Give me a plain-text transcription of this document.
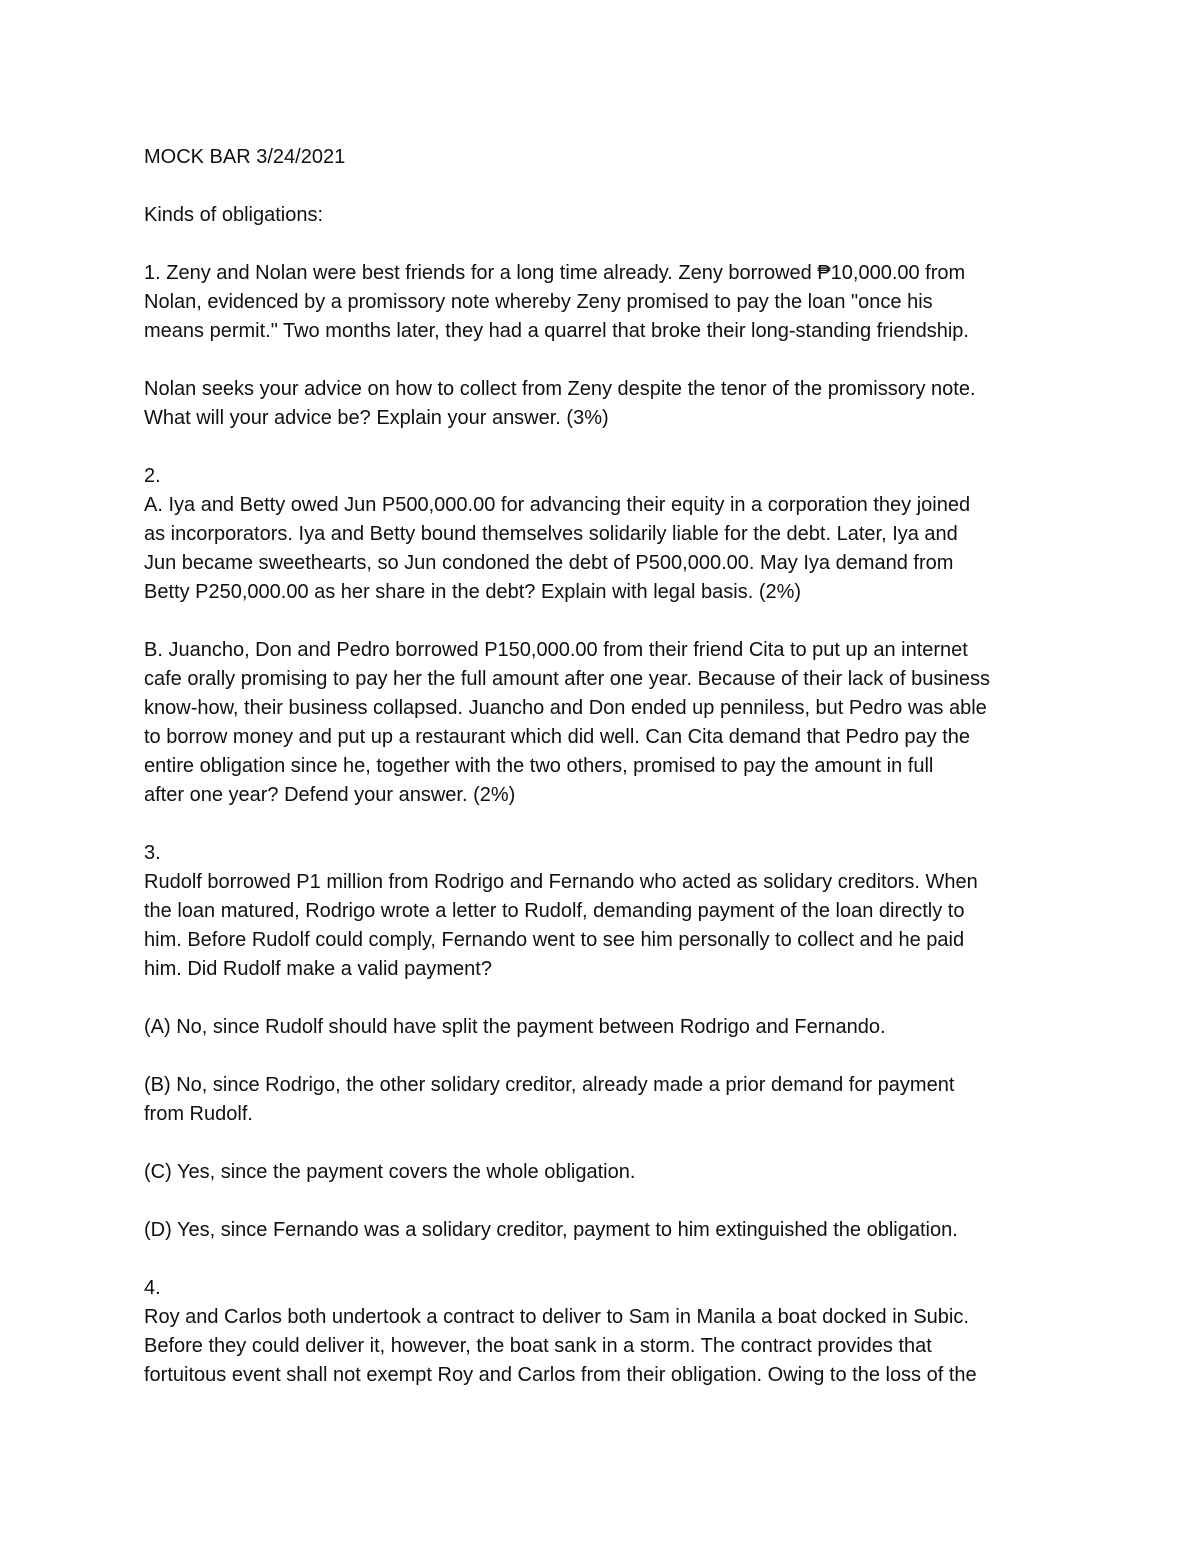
MOCK BAR 3/24/2021

Kinds of obligations:

1. Zeny and Nolan were best friends for a long time already. Zeny borrowed ₱10,000.00 from
Nolan, evidenced by a promissory note whereby Zeny promised to pay the loan "once his
means permit." Two months later, they had a quarrel that broke their long-standing friendship.

Nolan seeks your advice on how to collect from Zeny despite the tenor of the promissory note.
What will your advice be? Explain your answer. (3%)

2.

A. Iya and Betty owed Jun P500,000.00 for advancing their equity in a corporation they joined
as incorporators. Iya and Betty bound themselves solidarily liable for the debt. Later, Iya and
Jun became sweethearts, so Jun condoned the debt of P500,000.00. May Iya demand from
Betty P250,000.00 as her share in the debt? Explain with legal basis. (2%)

B. Juancho, Don and Pedro borrowed P150,000.00 from their friend Cita to put up an internet
cafe orally promising to pay her the full amount after one year. Because of their lack of business
know-how, their business collapsed. Juancho and Don ended up penniless, but Pedro was able
to borrow money and put up a restaurant which did well. Can Cita demand that Pedro pay the
entire obligation since he, together with the two others, promised to pay the amount in full
after one year? Defend your answer. (2%)

3.

Rudolf borrowed P1 million from Rodrigo and Fernando who acted as solidary creditors. When
the loan matured, Rodrigo wrote a letter to Rudolf, demanding payment of the loan directly to
him. Before Rudolf could comply, Fernando went to see him personally to collect and he paid
him. Did Rudolf make a valid payment?

(A) No, since Rudolf should have split the payment between Rodrigo and Fernando.

(B) No, since Rodrigo, the other solidary creditor, already made a prior demand for payment
from Rudolf.

(C) Yes, since the payment covers the whole obligation.

(D) Yes, since Fernando was a solidary creditor, payment to him extinguished the obligation.

4.

Roy and Carlos both undertook a contract to deliver to Sam in Manila a boat docked in Subic.
Before they could deliver it, however, the boat sank in a storm. The contract provides that
fortuitous event shall not exempt Roy and Carlos from their obligation. Owing to the loss of the
